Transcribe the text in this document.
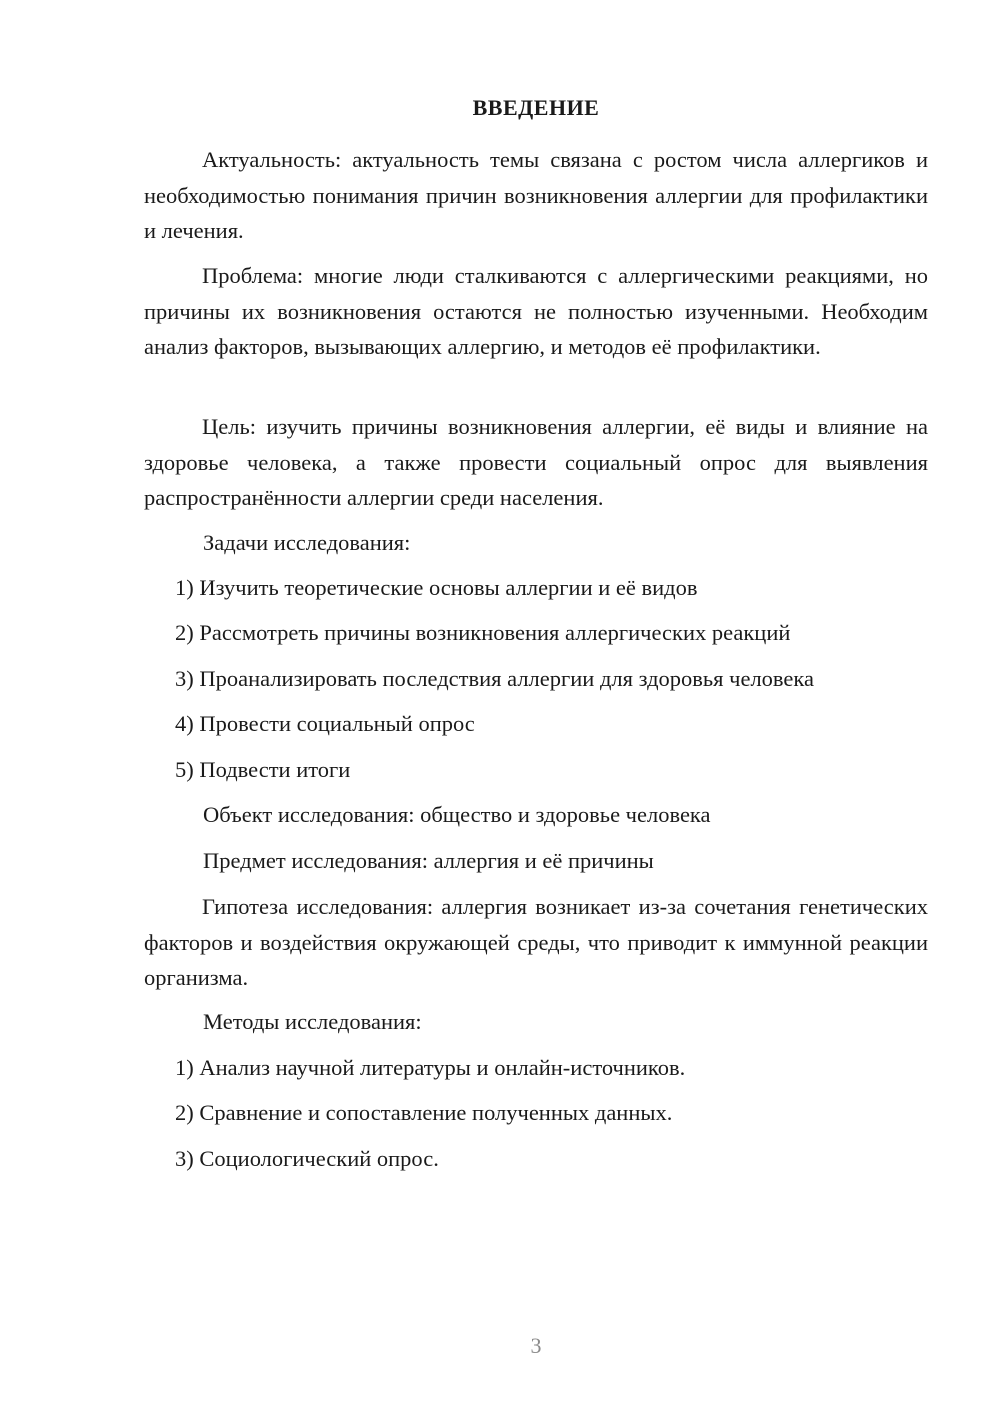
ВВЕДЕНИЕ
Актуальность: актуальность темы связана с ростом числа аллергиков и необходимостью понимания причин возникновения аллергии для профилактики и лечения.
Проблема: многие люди сталкиваются с аллергическими реакциями, но причины их возникновения остаются не полностью изученными. Необходим анализ факторов, вызывающих аллергию, и методов её профилактики.
Цель: изучить причины возникновения аллергии, её виды и влияние на здоровье человека, а также провести социальный опрос для выявления распространённости аллергии среди населения.
Задачи исследования:
1) Изучить теоретические основы аллергии и её видов
2) Рассмотреть причины возникновения аллергических реакций
3) Проанализировать последствия аллергии для здоровья человека
4) Провести социальный опрос
5) Подвести итоги
Объект исследования: общество и здоровье человека
Предмет исследования: аллергия и её причины
Гипотеза исследования: аллергия возникает из-за сочетания генетических факторов и воздействия окружающей среды, что приводит к иммунной реакции организма.
Методы исследования:
1) Анализ научной литературы и онлайн-источников.
2) Сравнение и сопоставление полученных данных.
3) Социологический опрос.
3
